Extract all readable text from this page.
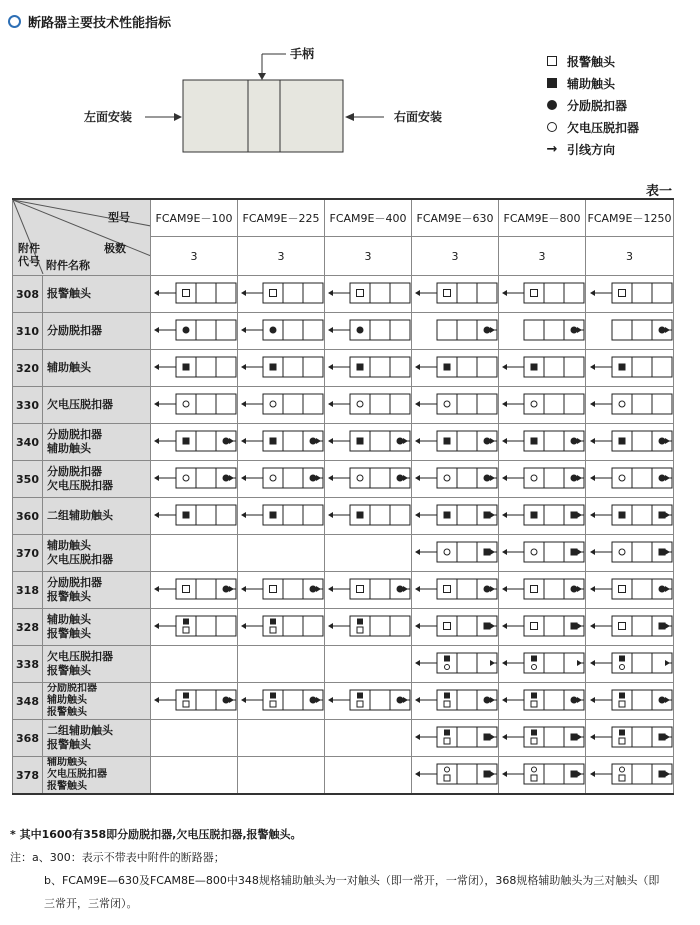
断路器主要技术性能指标
手柄
左面安装	右面安装
报警触头
辅助触头
分励脱扣器
欠电压脱扣器
→ 引线方向
表一
型号
极数
附件代号 附件名称		FCAM9E－100	FCAM9E－225	FCAM9E－400	FCAM9E－630	FCAM9E－800	FCAM9E－1250
		3	3	3	3	3	3
308	报警触头

310	分励脱扣器

320	辅助触头

330	欠电压脱扣器

340	分励脱扣器
辅助触头

350	分励脱扣器
欠电压脱扣器

360	二组辅助触头

370	辅助触头
欠电压脱扣器

318	分励脱扣器
报警触头

328	辅助触头
报警触头

338	欠电压脱扣器
报警触头

348	分励脱扣器
辅助触头
报警触头

368	二组辅助触头
报警触头

378	辅助触头
欠电压脱扣器
报警触头

* 其中1600有358即分励脱扣器,欠电压脱扣器,报警触头。
注：a、300：表示不带表中附件的断路器；
b、FCAM9E—630及FCAM8E—800中348规格辅助触头为一对触头（即一常开，一常闭），368规格辅助触头为三对触头（即
三常开，三常闭）。
